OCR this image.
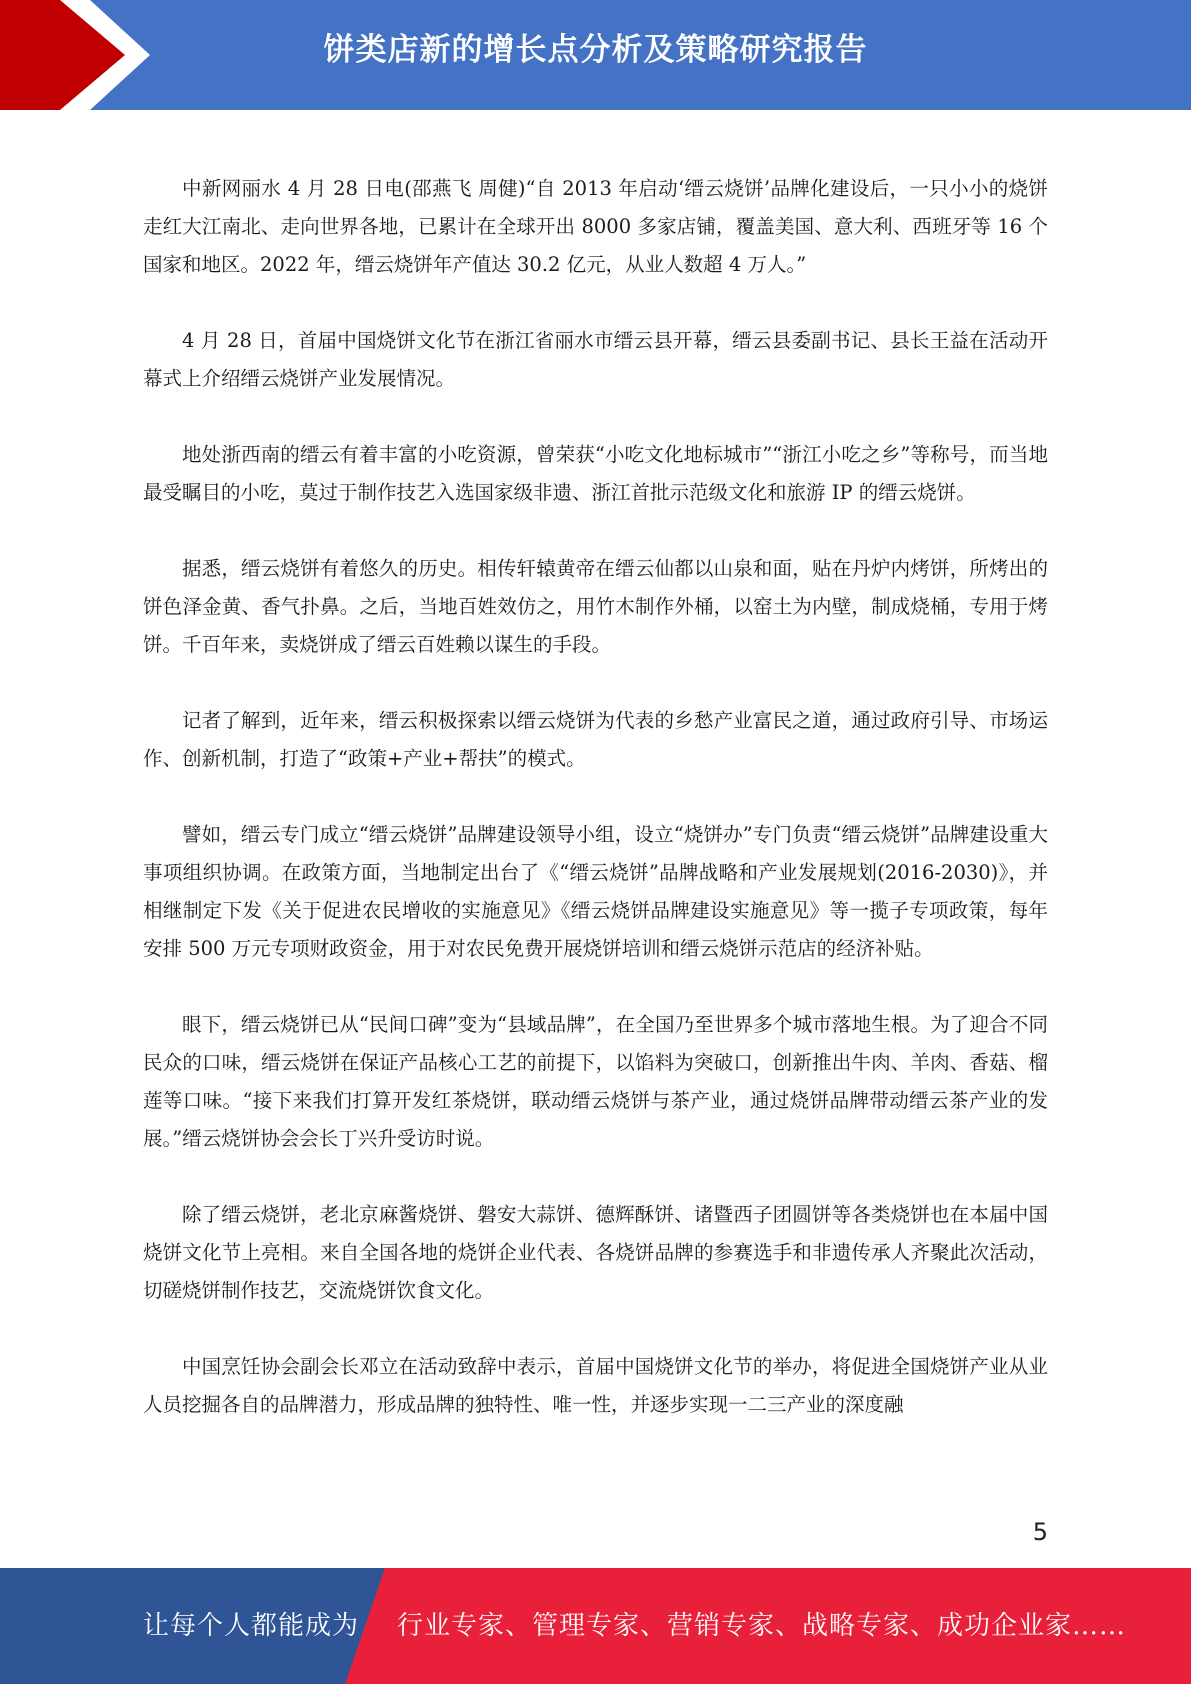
饼类店新的增长点分析及策略研究报告

中新网丽水 4 月 28 日电(邵燕飞 周健)“自 2013 年启动‘缙云烧饼’品牌化建设后，一只小小的烧饼走红大江南北、走向世界各地，已累计在全球开出 8000 多家店铺，覆盖美国、意大利、西班牙等 16 个国家和地区。2022 年，缙云烧饼年产值达 30.2 亿元，从业人数超 4 万人。”

4 月 28 日，首届中国烧饼文化节在浙江省丽水市缙云县开幕，缙云县委副书记、县长王益在活动开幕式上介绍缙云烧饼产业发展情况。

地处浙西南的缙云有着丰富的小吃资源，曾荣获“小吃文化地标城市”“浙江小吃之乡”等称号，而当地最受瞩目的小吃，莫过于制作技艺入选国家级非遗、浙江首批示范级文化和旅游 IP 的缙云烧饼。

据悉，缙云烧饼有着悠久的历史。相传轩辕黄帝在缙云仙都以山泉和面，贴在丹炉内烤饼，所烤出的饼色泽金黄、香气扑鼻。之后，当地百姓效仿之，用竹木制作外桶，以窑土为内壁，制成烧桶，专用于烤饼。千百年来，卖烧饼成了缙云百姓赖以谋生的手段。

记者了解到，近年来，缙云积极探索以缙云烧饼为代表的乡愁产业富民之道，通过政府引导、市场运作、创新机制，打造了“政策+产业+帮扶”的模式。

譬如，缙云专门成立“缙云烧饼”品牌建设领导小组，设立“烧饼办”专门负责“缙云烧饼”品牌建设重大事项组织协调。在政策方面，当地制定出台了《“缙云烧饼”品牌战略和产业发展规划(2016-2030)》，并相继制定下发《关于促进农民增收的实施意见》《缙云烧饼品牌建设实施意见》等一揽子专项政策，每年安排 500 万元专项财政资金，用于对农民免费开展烧饼培训和缙云烧饼示范店的经济补贴。

眼下，缙云烧饼已从“民间口碑”变为“县域品牌”，在全国乃至世界多个城市落地生根。为了迎合不同民众的口味，缙云烧饼在保证产品核心工艺的前提下，以馅料为突破口，创新推出牛肉、羊肉、香菇、榴莲等口味。“接下来我们打算开发红茶烧饼，联动缙云烧饼与茶产业，通过烧饼品牌带动缙云茶产业的发展。”缙云烧饼协会会长丁兴升受访时说。

除了缙云烧饼，老北京麻酱烧饼、磐安大蒜饼、德辉酥饼、诸暨西子团圆饼等各类烧饼也在本届中国烧饼文化节上亮相。来自全国各地的烧饼企业代表、各烧饼品牌的参赛选手和非遗传承人齐聚此次活动，切磋烧饼制作技艺，交流烧饼饮食文化。

中国烹饪协会副会长邓立在活动致辞中表示，首届中国烧饼文化节的举办，将促进全国烧饼产业从业人员挖掘各自的品牌潜力，形成品牌的独特性、唯一性，并逐步实现一二三产业的深度融

5
让每个人都能成为 行业专家、管理专家、营销专家、战略专家、成功企业家……
